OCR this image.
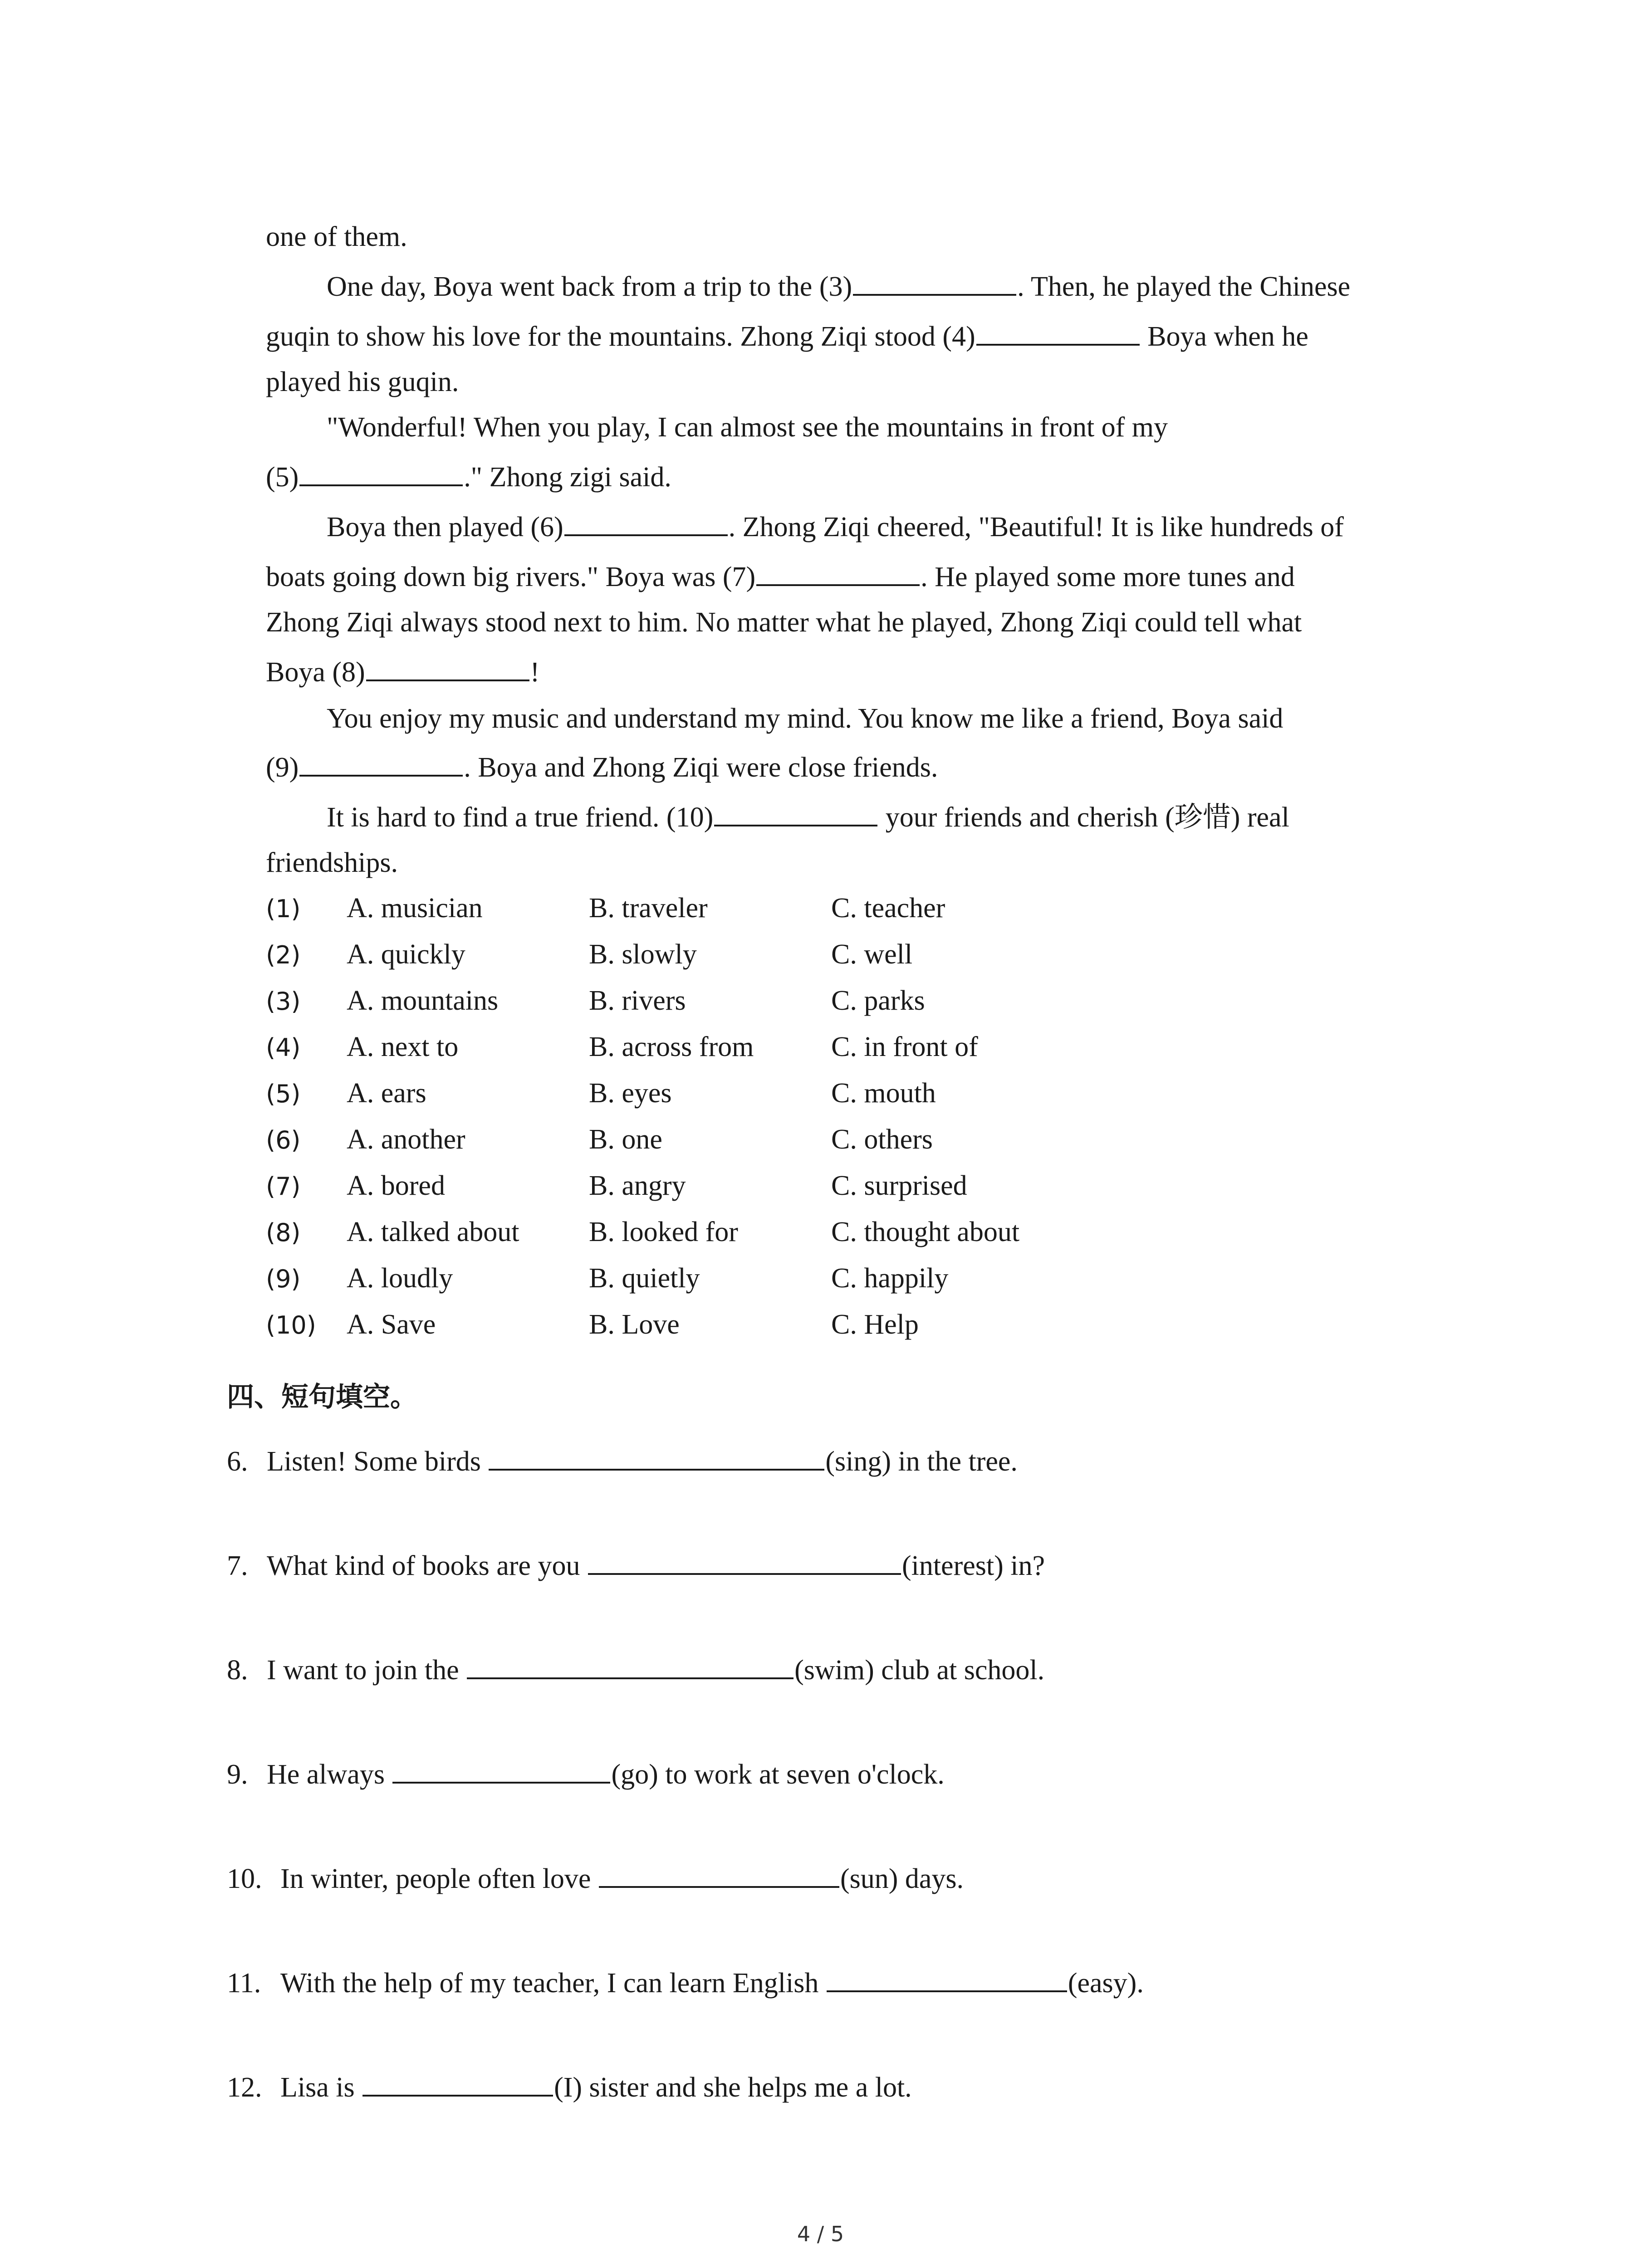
one of them.
One day, Boya went back from a trip to the (3)	. Then, he played the Chinese
guqin to show his love for the mountains. Zhong Ziqi stood (4)	Boya when he
played his guqin.
"Wonderful! When you play, I can almost see the mountains in front of my
(5)	." Zhong zigi said.
Boya then played (6)	. Zhong Ziqi cheered, "Beautiful! It is like hundreds of
boats going down big rivers." Boya was (7)	. He played some more tunes and
Zhong Ziqi always stood next to him. No matter what he played, Zhong Ziqi could tell what
Boya (8)	!
You enjoy my music and understand my mind. You know me like a friend, Boya said
(9)	. Boya and Zhong Ziqi were close friends.
It is hard to find a true friend. (10)	your friends and cherish (珍惜) real
friendships.
(1) A. musician	B. traveler	C. teacher
(2) A. quickly	B. slowly	C. well
(3) A. mountains	B. rivers	C. parks
(4) A. next to	B. across from	C. in front of
(5) A. ears	B. eyes	C. mouth
(6) A. another	B. one	C. others
(7) A. bored	B. angry	C. surprised
(8) A. talked about B. looked for	C. thought about
(9) A. loudly	B. quietly	C. happily
(10) A. Save	B. Love	C. Help
四、短句填空。
6. Listen! Some birds	(sing) in the tree.
7. What kind of books are you	(interest) in?
8. I want to join the	(swim) club at school.
9. He always	(go) to work at seven o'clock.
10. In winter, people often love	(sun) days.
11. With the help of my teacher, I can learn English	(easy).
12. Lisa is	(I) sister and she helps me a lot.
4 / 5
